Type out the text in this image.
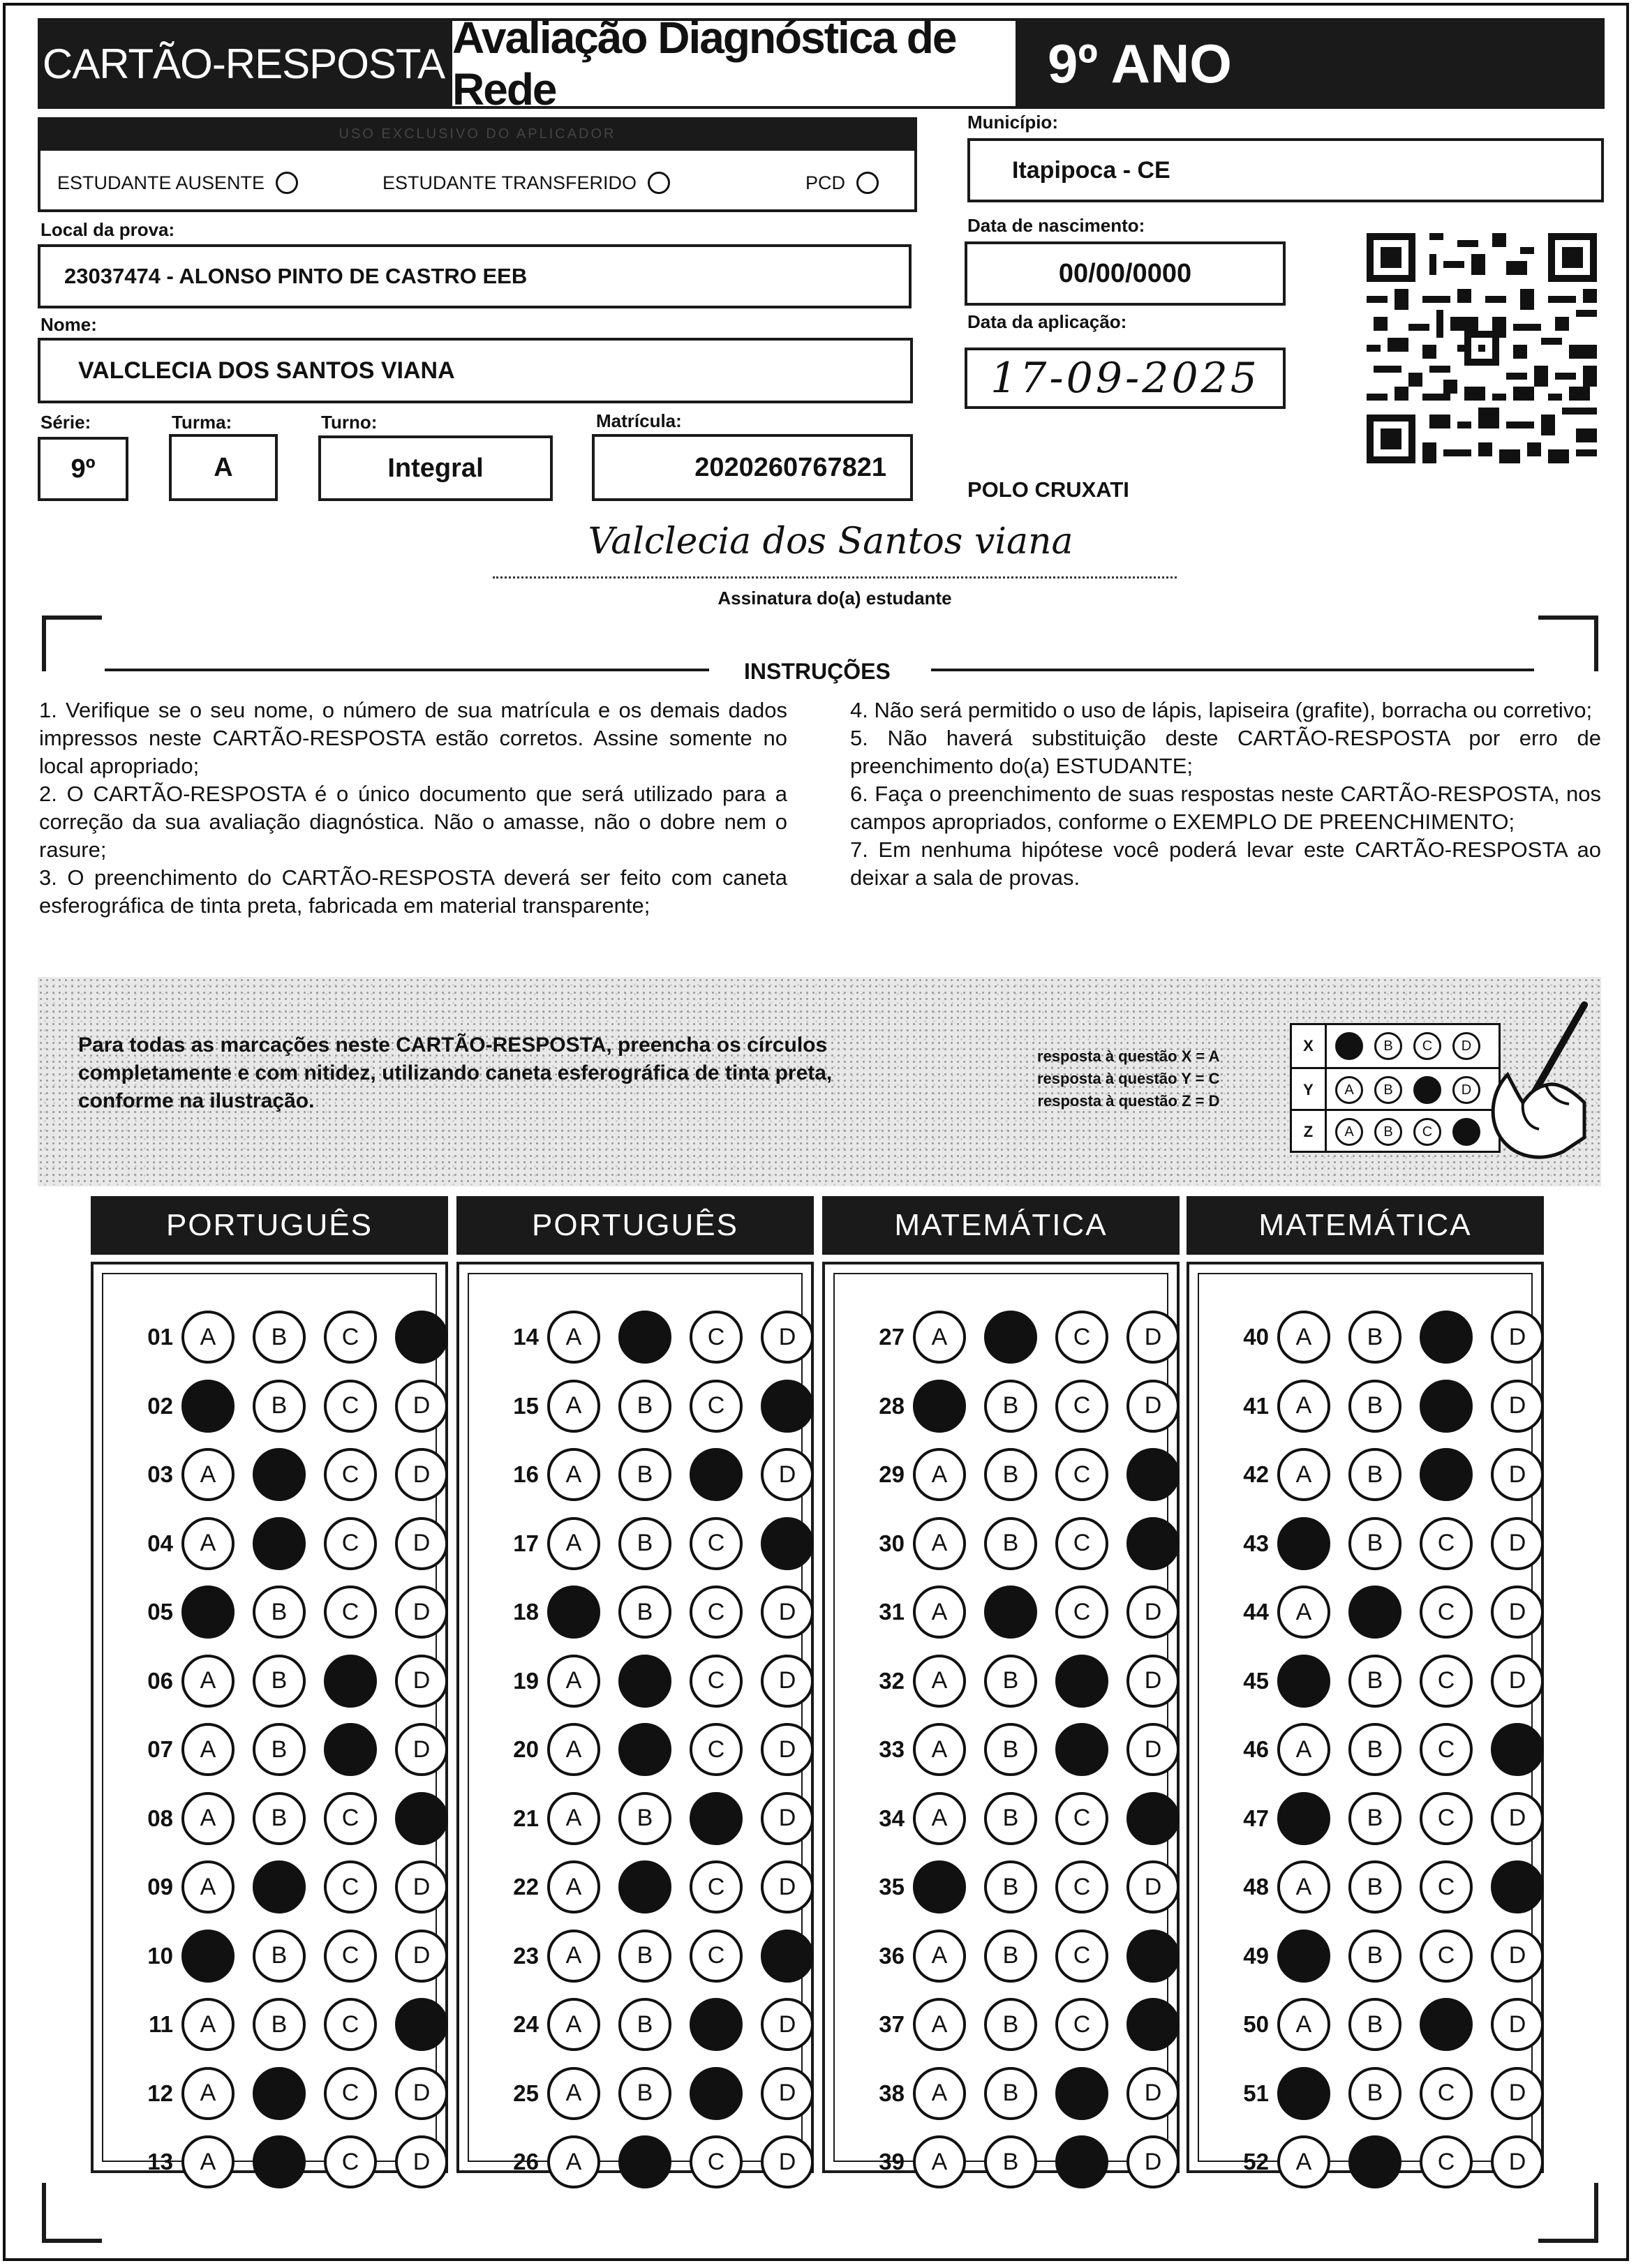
CARTÃO-RESPOSTA
Avaliação Diagnóstica de Rede	9º ANO
USO EXCLUSIVO DO APLICADOR
ESTUDANTE AUSENTE	ESTUDANTE TRANSFERIDO	PCD
Município:
Itapipoca - CE
Local da prova:
23037474 - ALONSO PINTO DE CASTRO EEB
Data de nascimento:
00/00/0000
Nome:
VALCLECIA DOS SANTOS VIANA
Data da aplicação:
17-09-2025
Série:
9º
Turma:
A
Turno:
Integral
Matrícula:
2020260767821
POLO CRUXATI
Valclecia dos Santos viana
Assinatura do(a) estudante
INSTRUÇÕES

1. Verifique se o seu nome, o número de sua matrícula e os demais dados impressos neste CARTÃO-RESPOSTA estão corretos. Assine somente no local apropriado;

2. O CARTÃO-RESPOSTA é o único documento que será utilizado para a correção da sua avaliação diagnóstica. Não o amasse, não o dobre nem o rasure;

3. O preenchimento do CARTÃO-RESPOSTA deverá ser feito com caneta esferográfica de tinta preta, fabricada em material transparente;

4. Não será permitido o uso de lápis, lapiseira (grafite), borracha ou corretivo;

5. Não haverá substituição deste CARTÃO-RESPOSTA por erro de preenchimento do(a) ESTUDANTE;

6. Faça o preenchimento de suas respostas neste CARTÃO-RESPOSTA, nos campos apropriados, conforme o EXEMPLO DE PREENCHIMENTO;

7. Em nenhuma hipótese você poderá levar este CARTÃO-RESPOSTA ao deixar a sala de provas.

Para todas as marcações neste CARTÃO-RESPOSTA, preencha os círculos completamente e com nitidez, utilizando caneta esferográfica de tinta preta, conforme na ilustração.
resposta à questão X = A
resposta à questão Y = C
resposta à questão Z = D
X	A	B	C	D
Y	A	B	C	D
Z	A	B	C	D
PORTUGUÊS
01 A B C D
02 A B C D
03 A B C D
04 A B C D
05 A B C D
06 A B C D
07 A B C D
08 A B C D
09 A B C D
10 A B C D
11 A B C D
12 A B C D
13 A B C D
PORTUGUÊS
14 A B C D
15 A B C D
16 A B C D
17 A B C D
18 A B C D
19 A B C D
20 A B C D
21 A B C D
22 A B C D
23 A B C D
24 A B C D
25 A B C D
26 A B C D
MATEMÁTICA
27 A B C D
28 A B C D
29 A B C D
30 A B C D
31 A B C D
32 A B C D
33 A B C D
34 A B C D
35 A B C D
36 A B C D
37 A B C D
38 A B C D
39 A B C D
MATEMÁTICA
40 A B C D
41 A B C D
42 A B C D
43 A B C D
44 A B C D
45 A B C D
46 A B C D
47 A B C D
48 A B C D
49 A B C D
50 A B C D
51 A B C D
52 A B C D
